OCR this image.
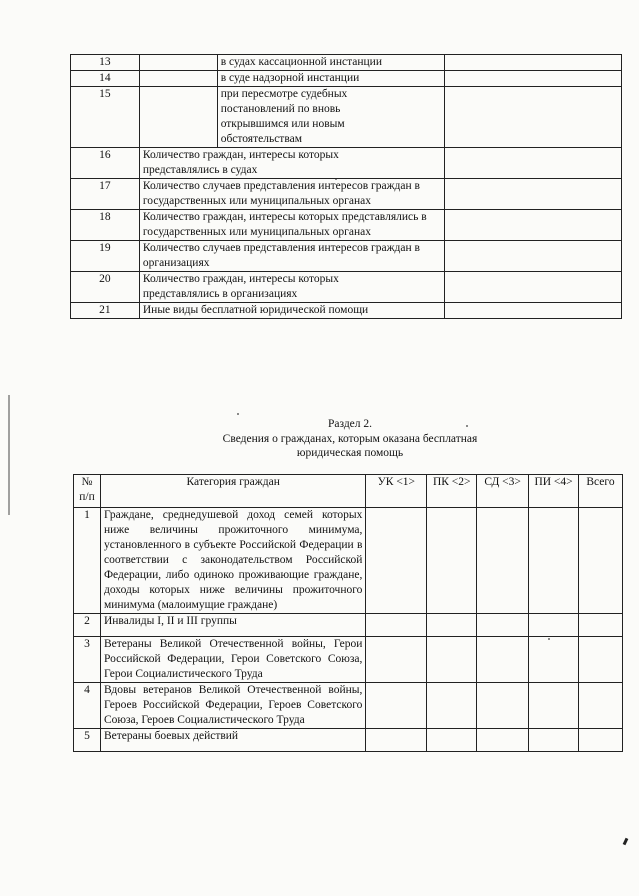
13		в судах кассационной инстанции	
14		в суде надзорной инстанции	
15		при пересмотре судебных постановлений по вновь открывшимся или новым обстоятельствам	
16	Количество граждан, интересы которых представлялись в судах		
17	Количество случаев представления интересов граждан в государственных или муниципальных органах		
18	Количество граждан, интересы которых представлялись в государственных или муниципальных органах		
19	Количество случаев представления интересов граждан в организациях		
20	Количество граждан, интересы которых представлялись в организациях		
21	Иные виды бесплатной юридической помощи		
Раздел 2.
Сведения о гражданах, которым оказана бесплатная
юридическая помощь
№ п/п	Категория граждан	УК <1>	ПК <2>	СД <3>	ПИ <4>	Всего
1	Граждане, среднедушевой доход семей которых ниже величины прожиточного минимума, установленного в субъекте Российской Федерации в соответствии с законодательством Российской Федерации, либо одиноко проживающие граждане, доходы которых ниже величины прожиточного минимума (малоимущие граждане)					
2	Инвалиды I, II и III группы					
3	Ветераны Великой Отечественной войны, Герои Российской Федерации, Герои Советского Союза, Герои Социалистического Труда					
4	Вдовы ветеранов Великой Отечественной войны, Героев Российской Федерации, Героев Советского Союза, Героев Социалистического Труда					
5	Ветераны боевых действий					
